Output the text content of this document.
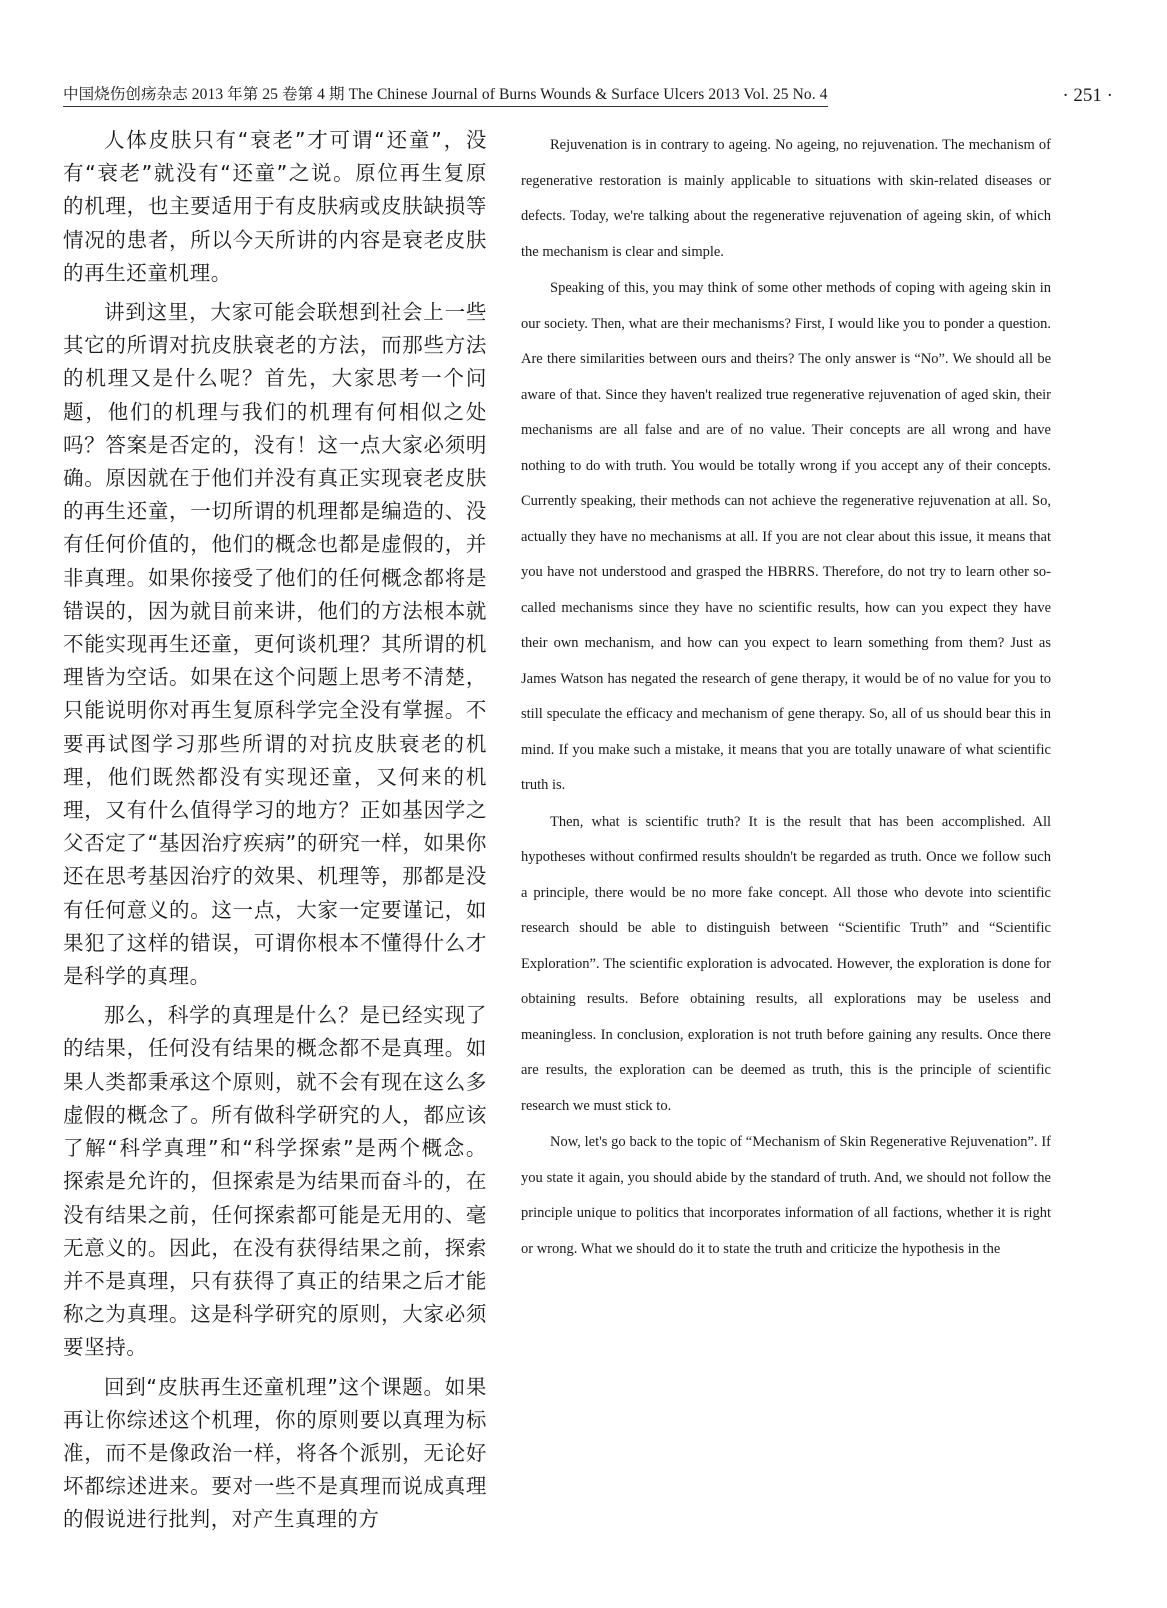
中国烧伤创疡杂志 2013 年第 25 卷第 4 期 The Chinese Journal of Burns Wounds & Surface Ulcers 2013 Vol. 25 No. 4	· 251 ·

人体皮肤只有“衰老”才可谓“还童”，没有“衰老”就没有“还童”之说。原位再生复原的机理，也主要适用于有皮肤病或皮肤缺损等情况的患者，所以今天所讲的内容是衰老皮肤的再生还童机理。

讲到这里，大家可能会联想到社会上一些其它的所谓对抗皮肤衰老的方法，而那些方法的机理又是什么呢？首先，大家思考一个问题，他们的机理与我们的机理有何相似之处吗？答案是否定的，没有！这一点大家必须明确。原因就在于他们并没有真正实现衰老皮肤的再生还童，一切所谓的机理都是编造的、没有任何价值的，他们的概念也都是虚假的，并非真理。如果你接受了他们的任何概念都将是错误的，因为就目前来讲，他们的方法根本就不能实现再生还童，更何谈机理？其所谓的机理皆为空话。如果在这个问题上思考不清楚，只能说明你对再生复原科学完全没有掌握。不要再试图学习那些所谓的对抗皮肤衰老的机理，他们既然都没有实现还童，又何来的机理，又有什么值得学习的地方？正如基因学之父否定了“基因治疗疾病”的研究一样，如果你还在思考基因治疗的效果、机理等，那都是没有任何意义的。这一点，大家一定要谨记，如果犯了这样的错误，可谓你根本不懂得什么才是科学的真理。

那么，科学的真理是什么？是已经实现了的结果，任何没有结果的概念都不是真理。如果人类都秉承这个原则，就不会有现在这么多虚假的概念了。所有做科学研究的人，都应该了解“科学真理”和“科学探索”是两个概念。探索是允许的，但探索是为结果而奋斗的，在没有结果之前，任何探索都可能是无用的、毫无意义的。因此，在没有获得结果之前，探索并不是真理，只有获得了真正的结果之后才能称之为真理。这是科学研究的原则，大家必须要坚持。

回到“皮肤再生还童机理”这个课题。如果再让你综述这个机理，你的原则要以真理为标准，而不是像政治一样，将各个派别，无论好坏都综述进来。要对一些不是真理而说成真理的假说进行批判，对产生真理的方

Rejuvenation is in contrary to ageing. No ageing, no rejuvenation. The mechanism of regenerative restoration is mainly applicable to situations with skin-related diseases or defects. Today, we're talking about the regenerative rejuvenation of ageing skin, of which the mechanism is clear and simple.

Speaking of this, you may think of some other methods of coping with ageing skin in our society. Then, what are their mechanisms? First, I would like you to ponder a question. Are there similarities between ours and theirs? The only answer is “No”. We should all be aware of that. Since they haven't realized true regenerative rejuvenation of aged skin, their mechanisms are all false and are of no value. Their concepts are all wrong and have nothing to do with truth. You would be totally wrong if you accept any of their concepts. Currently speaking, their methods can not achieve the regenerative rejuvenation at all. So, actually they have no mechanisms at all. If you are not clear about this issue, it means that you have not understood and grasped the HBRRS. Therefore, do not try to learn other so-called mechanisms since they have no scientific results, how can you expect they have their own mechanism, and how can you expect to learn something from them? Just as James Watson has negated the research of gene therapy, it would be of no value for you to still speculate the efficacy and mechanism of gene therapy. So, all of us should bear this in mind. If you make such a mistake, it means that you are totally unaware of what scientific truth is.

Then, what is scientific truth? It is the result that has been accomplished. All hypotheses without confirmed results shouldn't be regarded as truth. Once we follow such a principle, there would be no more fake concept. All those who devote into scientific research should be able to distinguish between “Scientific Truth” and “Scientific Exploration”. The scientific exploration is advocated. However, the exploration is done for obtaining results. Before obtaining results, all explorations may be useless and meaningless. In conclusion, exploration is not truth before gaining any results. Once there are results, the exploration can be deemed as truth, this is the principle of scientific research we must stick to.

Now, let's go back to the topic of “Mechanism of Skin Regenerative Rejuvenation”. If you state it again, you should abide by the standard of truth. And, we should not follow the principle unique to politics that incorporates information of all factions, whether it is right or wrong. What we should do it to state the truth and criticize the hypothesis in the
